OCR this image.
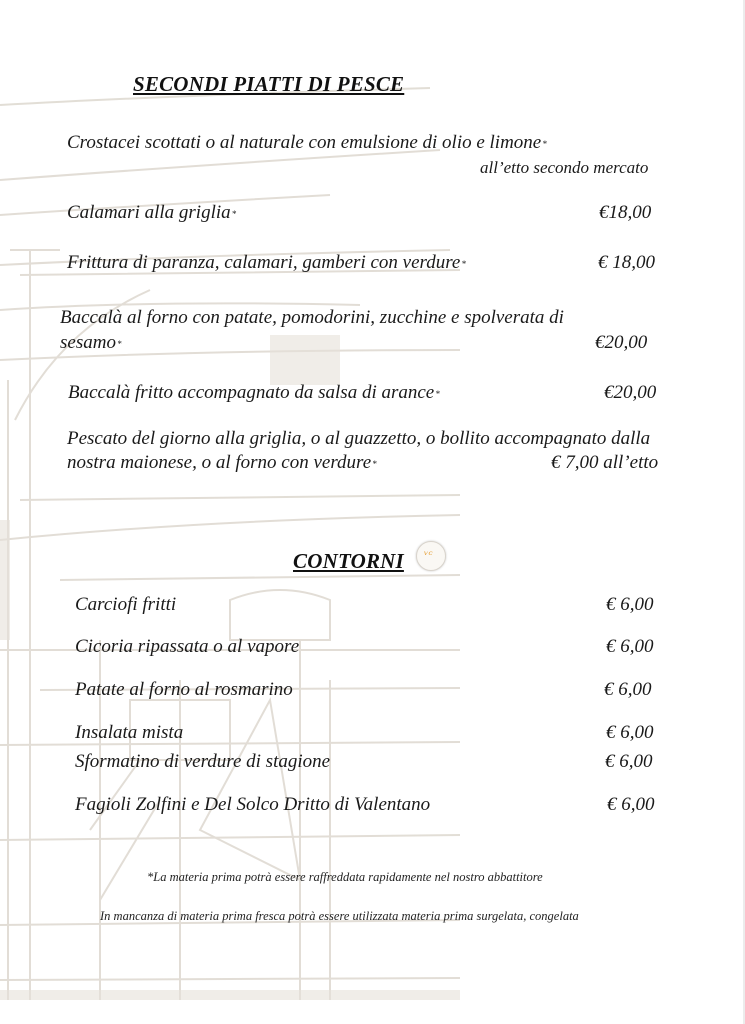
SECONDI PIATTI DI PESCE
Crostacei scottati o al naturale con emulsione di olio e limone*
all’etto secondo mercato
Calamari alla griglia*	€18,00
Frittura di paranza, calamari, gamberi con verdure*	€ 18,00
Baccalà al forno con patate, pomodorini, zucchine e spolverata di
sesamo*	€20,00
Baccalà fritto accompagnato da salsa di arance*	€20,00
Pescato del giorno alla griglia, o al guazzetto, o bollito accompagnato dalla
nostra maionese, o al forno con verdure*	€ 7,00 all’etto
CONTORNI ᵛᶜ
Carciofi fritti	€ 6,00
Cicoria ripassata o al vapore	€ 6,00
Patate al forno al rosmarino	€ 6,00
Insalata mista	€ 6,00
Sformatino di verdure di stagione	€ 6,00
Fagioli Zolfini e Del Solco Dritto di Valentano	€ 6,00
*La materia prima potrà essere raffreddata rapidamente nel nostro abbattitore
In mancanza di materia prima fresca potrà essere utilizzata materia prima surgelata, congelata
